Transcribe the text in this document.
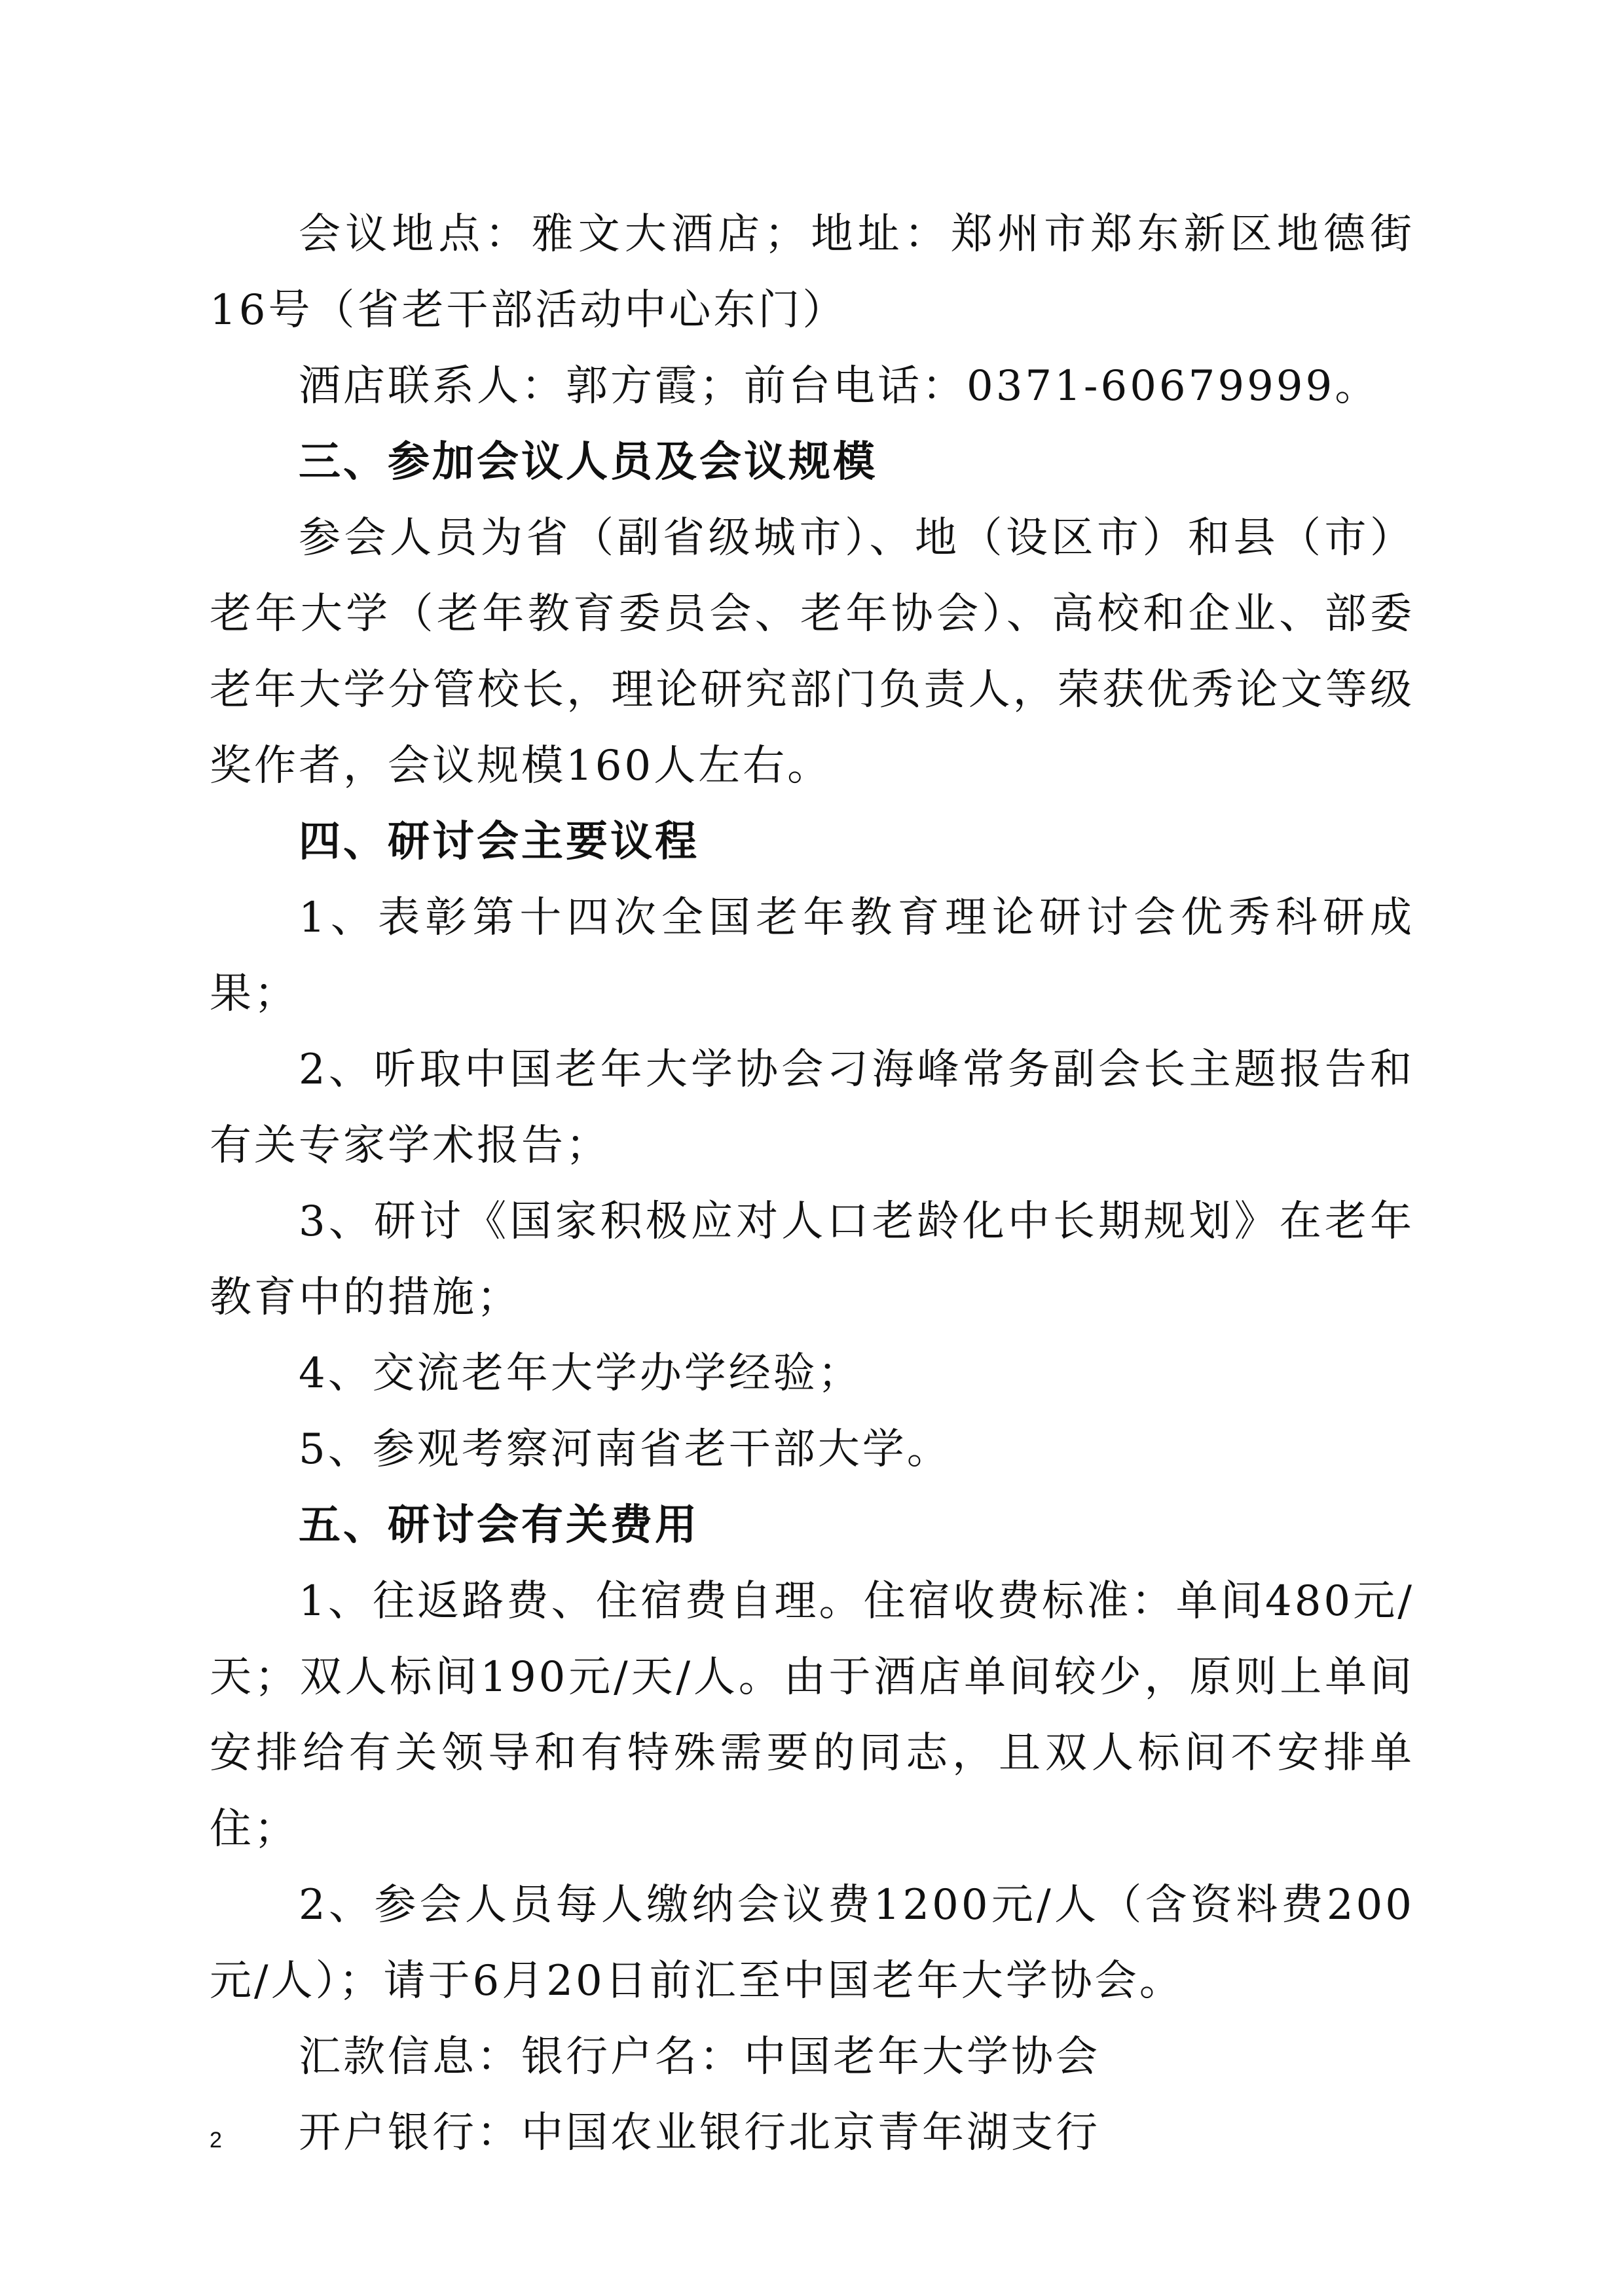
会议地点：雅文大酒店；地址：郑州市郑东新区地德街16号（省老干部活动中心东门）

酒店联系人：郭方霞；前台电话：0371-60679999。

三、参加会议人员及会议规模

参会人员为省（副省级城市）、地（设区市）和县（市）老年大学（老年教育委员会、老年协会）、高校和企业、部委老年大学分管校长，理论研究部门负责人，荣获优秀论文等级奖作者，会议规模160人左右。

四、研讨会主要议程

1、表彰第十四次全国老年教育理论研讨会优秀科研成果；

2、听取中国老年大学协会刁海峰常务副会长主题报告和有关专家学术报告；

3、研讨《国家积极应对人口老龄化中长期规划》在老年教育中的措施；

4、交流老年大学办学经验；

5、参观考察河南省老干部大学。

五、研讨会有关费用

1、往返路费、住宿费自理。住宿收费标准：单间480元/天；双人标间190元/天/人。由于酒店单间较少，原则上单间安排给有关领导和有特殊需要的同志，且双人标间不安排单住；

2、参会人员每人缴纳会议费1200元/人（含资料费200元/人）；请于6月20日前汇至中国老年大学协会。

汇款信息：银行户名：中国老年大学协会

开户银行：中国农业银行北京青年湖支行

2
